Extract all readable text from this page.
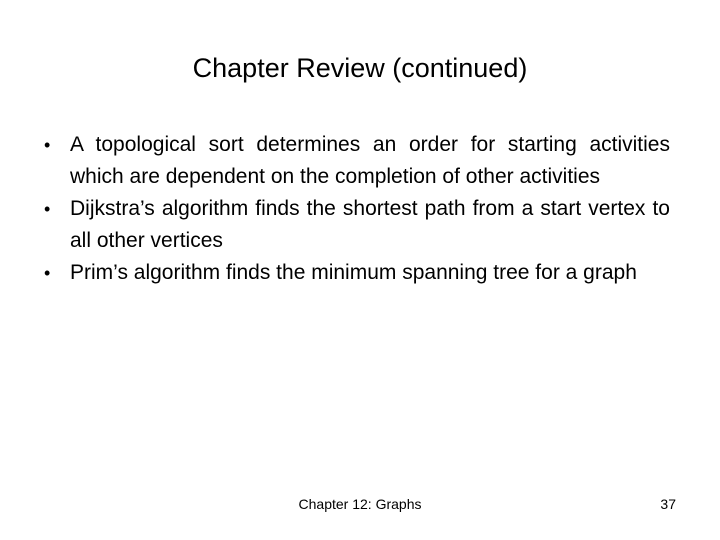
Chapter Review (continued)
• A topological sort determines an order for starting activities which are dependent on the completion of other activities
• Dijkstra’s algorithm finds the shortest path from a start vertex to all other vertices
• Prim’s algorithm finds the minimum spanning tree for a graph
Chapter 12: Graphs	37
